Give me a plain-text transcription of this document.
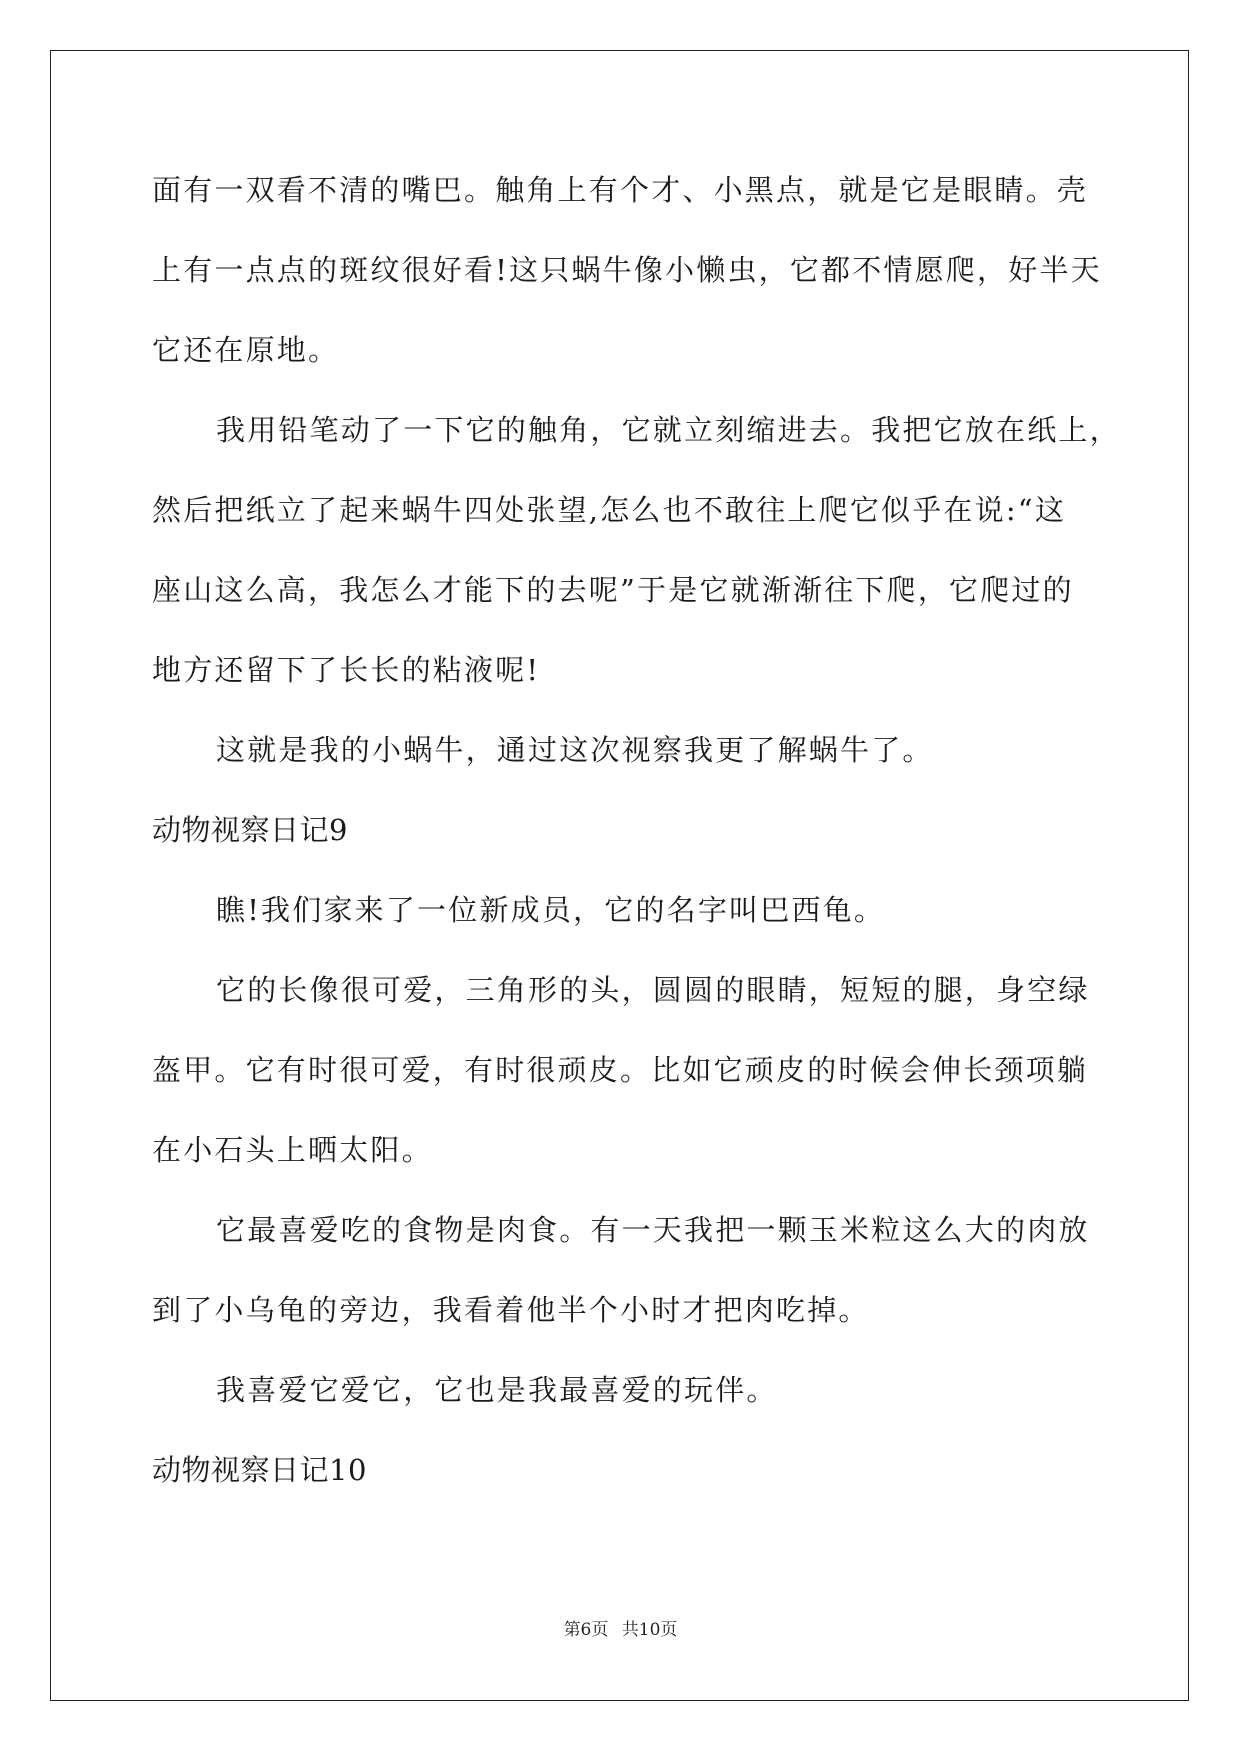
面有一双看不清的嘴巴。触角上有个才、小黑点，就是它是眼睛。壳
上有一点点的斑纹很好看!这只蜗牛像小懒虫，它都不情愿爬，好半天
它还在原地。
我用铅笔动了一下它的触角，它就立刻缩进去。我把它放在纸上，
然后把纸立了起来蜗牛四处张望,怎么也不敢往上爬它似乎在说:“这
座山这么高，我怎么才能下的去呢”于是它就渐渐往下爬，它爬过的
地方还留下了长长的粘液呢!
这就是我的小蜗牛，通过这次视察我更了解蜗牛了。
动物视察日记9
瞧!我们家来了一位新成员，它的名字叫巴西龟。
它的长像很可爱，三角形的头，圆圆的眼睛，短短的腿，身空绿
盔甲。它有时很可爱，有时很顽皮。比如它顽皮的时候会伸长颈项躺
在小石头上晒太阳。
它最喜爱吃的食物是肉食。有一天我把一颗玉米粒这么大的肉放
到了小乌龟的旁边，我看着他半个小时才把肉吃掉。
我喜爱它爱它，它也是我最喜爱的玩伴。
动物视察日记10
第6页 共10页
